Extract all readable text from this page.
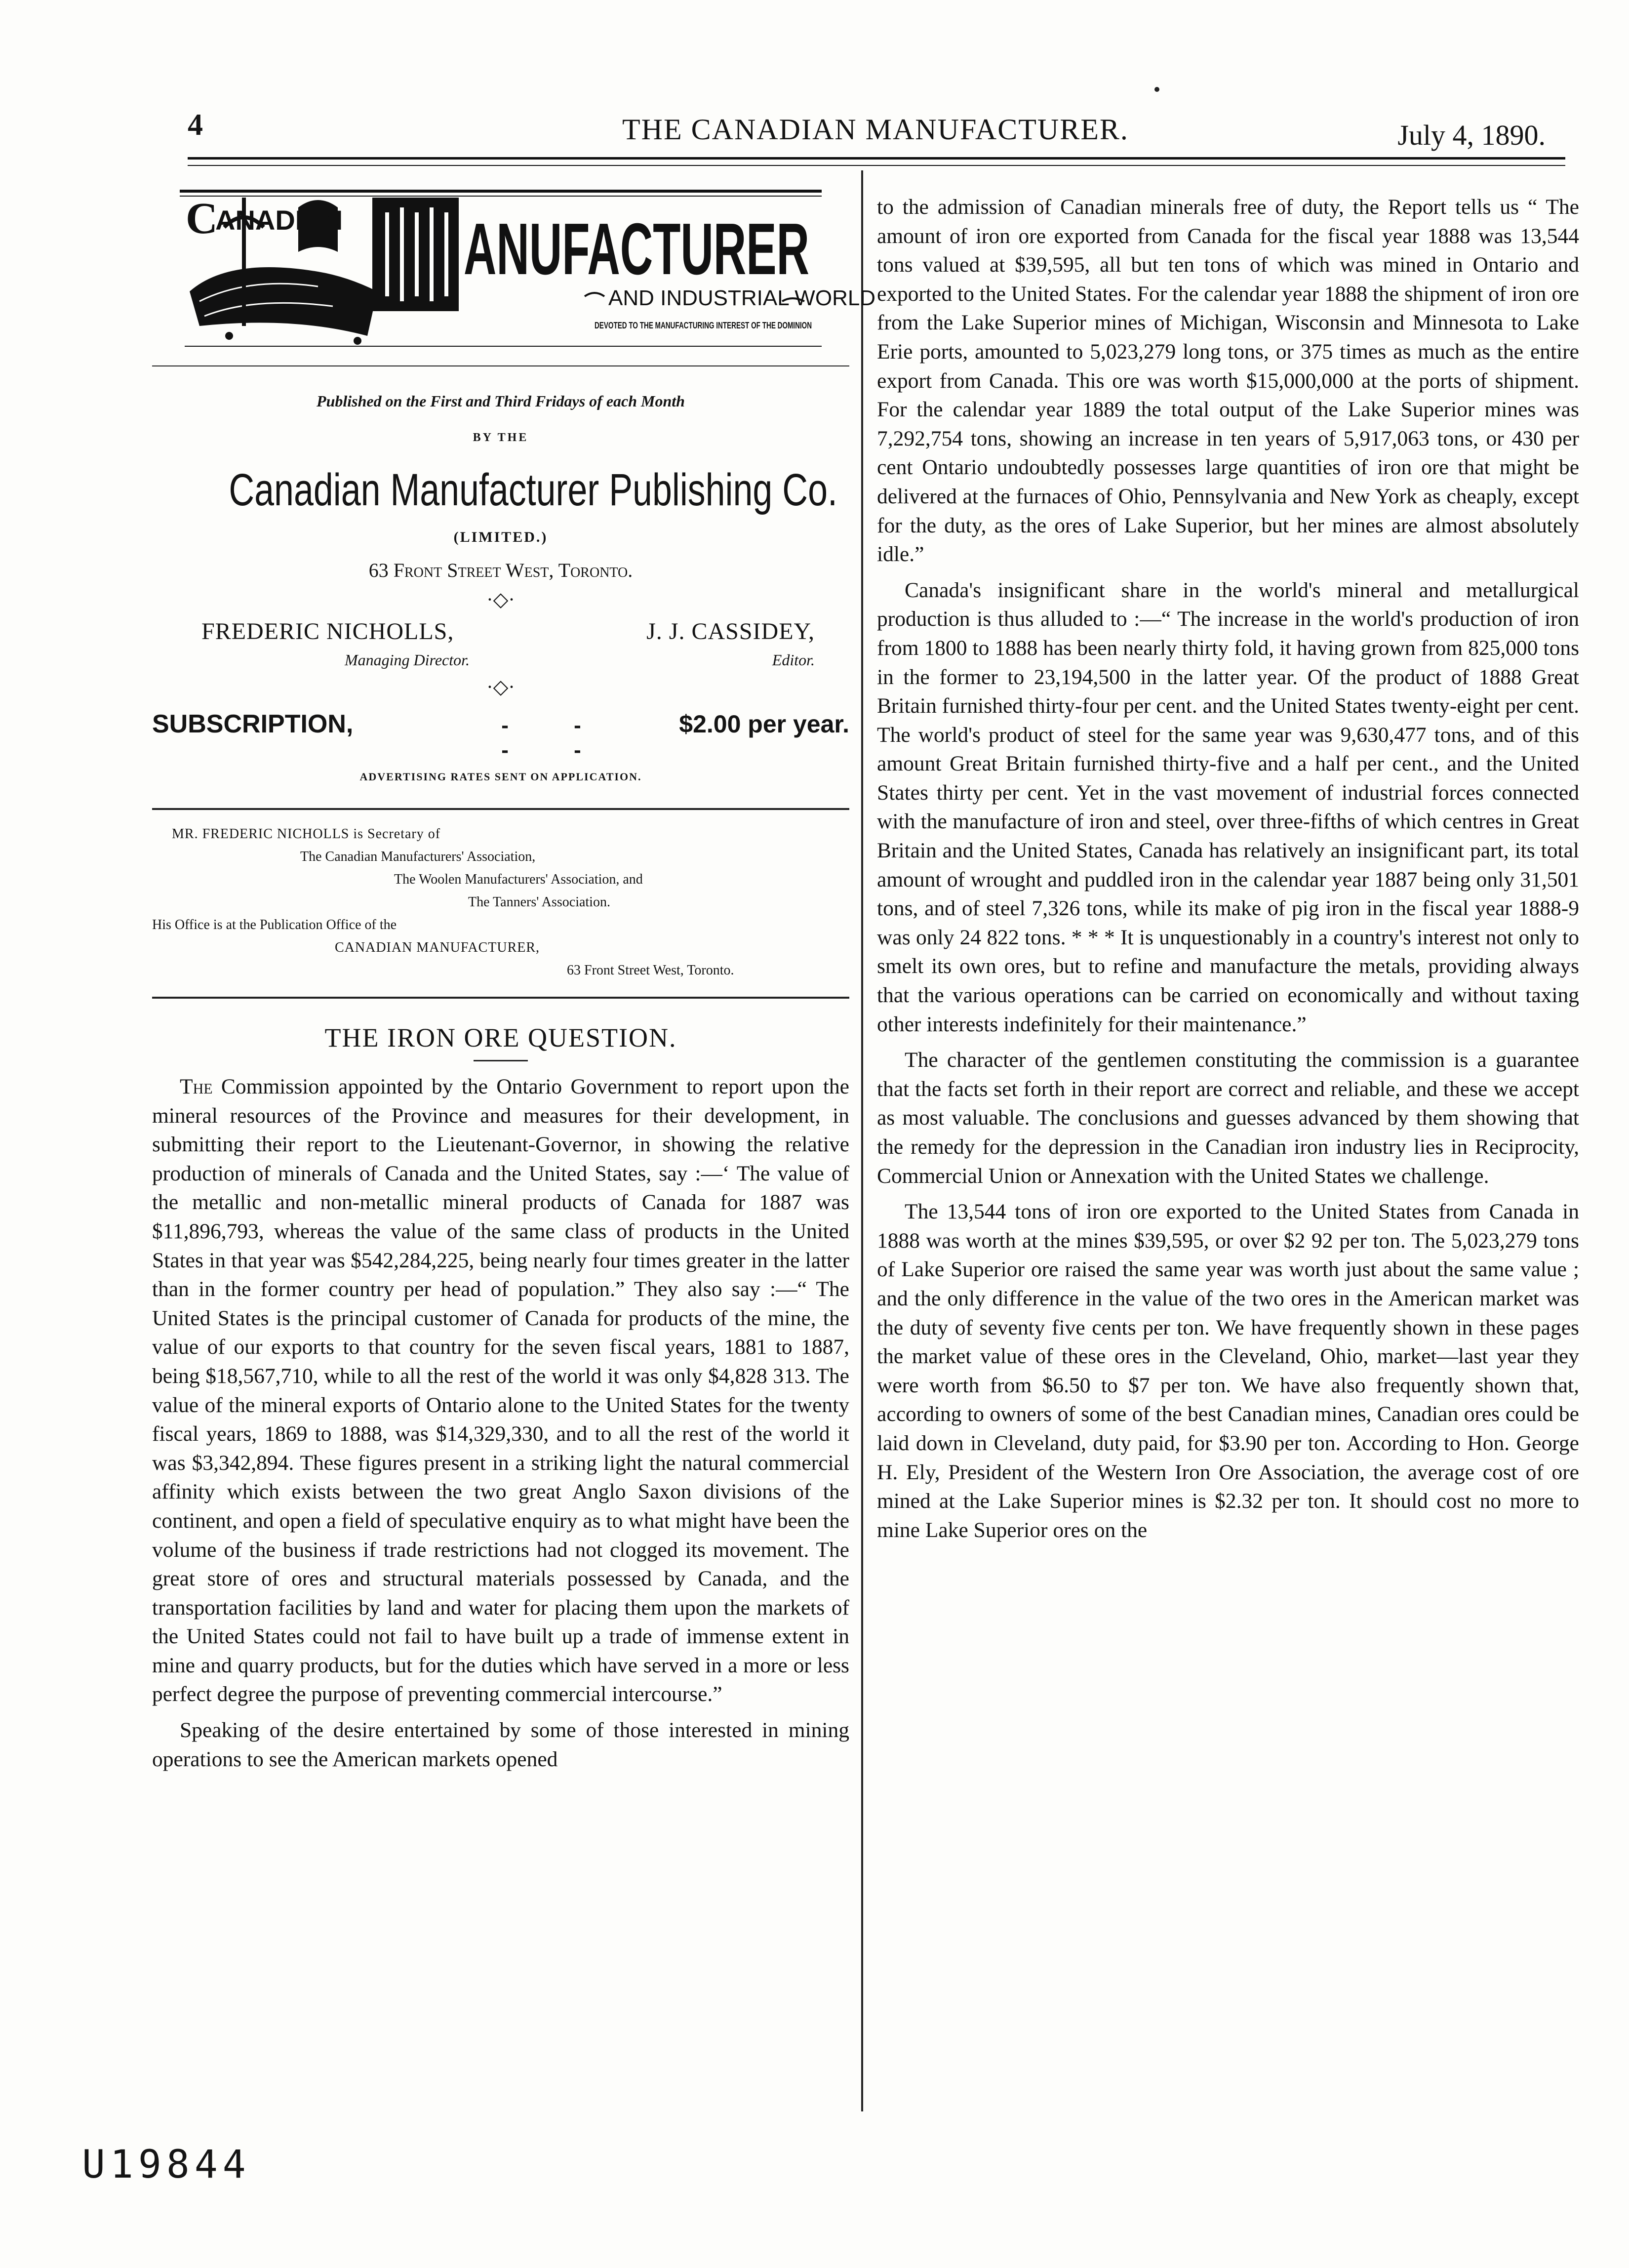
4	THE CANADIAN MANUFACTURER.	July 4, 1890.
C
ANADIAN ANUFACTURER
AND INDUSTRIAL WORLD
DEVOTED TO THE MANUFACTURING INTEREST OF THE DOMINION
Published on the First and Third Fridays of each Month
BY THE
Canadian Manufacturer Publishing Co.
(LIMITED.)
63 Front Street West, Toronto.
·◇·
FREDERIC NICHOLLS,
Managing Director.
J. J. CASSIDEY,
Editor.
·◇·
SUBSCRIPTION,	- - - -
$2.00 per year.
ADVERTISING RATES SENT ON APPLICATION.
MR. FREDERIC NICHOLLS is Secretary of
The Canadian Manufacturers' Association,
The Woolen Manufacturers' Association, and
The Tanners' Association.
His Office is at the Publication Office of the
CANADIAN MANUFACTURER,
63 Front Street West, Toronto.
THE IRON ORE QUESTION.

The Commission appointed by the Ontario Government to report upon the mineral resources of the Province and measures for their development, in submitting their report to the Lieutenant-Governor, in showing the relative production of minerals of Canada and the United States, say :—‘ The value of the metallic and non-metallic mineral products of Canada for 1887 was $11,896,793, whereas the value of the same class of products in the United States in that year was $542,284,225, being nearly four times greater in the latter than in the former country per head of population.” They also say :—“ The United States is the principal customer of Canada for products of the mine, the value of our exports to that country for the seven fiscal years, 1881 to 1887, being $18,567,710, while to all the rest of the world it was only $4,828 313. The value of the mineral exports of Ontario alone to the United States for the twenty fiscal years, 1869 to 1888, was $14,329,330, and to all the rest of the world it was $3,342,894. These figures present in a striking light the natural commercial affinity which exists between the two great Anglo Saxon divisions of the continent, and open a field of speculative enquiry as to what might have been the volume of the business if trade restrictions had not clogged its movement. The great store of ores and structural materials possessed by Canada, and the transportation facilities by land and water for placing them upon the markets of the United States could not fail to have built up a trade of immense extent in mine and quarry products, but for the duties which have served in a more or less perfect degree the purpose of preventing commercial intercourse.”

Speaking of the desire entertained by some of those interested in mining operations to see the American markets opened

to the admission of Canadian minerals free of duty, the Report tells us “ The amount of iron ore exported from Canada for the fiscal year 1888 was 13,544 tons valued at $39,595, all but ten tons of which was mined in Ontario and exported to the United States. For the calendar year 1888 the shipment of iron ore from the Lake Superior mines of Michigan, Wisconsin and Minnesota to Lake Erie ports, amounted to 5,023,279 long tons, or 375 times as much as the entire export from Canada. This ore was worth $15,000,000 at the ports of shipment. For the calendar year 1889 the total output of the Lake Superior mines was 7,292,754 tons, showing an increase in ten years of 5,917,063 tons, or 430 per cent Ontario undoubtedly possesses large quantities of iron ore that might be delivered at the furnaces of Ohio, Pennsylvania and New York as cheaply, except for the duty, as the ores of Lake Superior, but her mines are almost absolutely idle.”

Canada's insignificant share in the world's mineral and metallurgical production is thus alluded to :—“ The increase in the world's production of iron from 1800 to 1888 has been nearly thirty fold, it having grown from 825,000 tons in the former to 23,194,500 in the latter year. Of the product of 1888 Great Britain furnished thirty-four per cent. and the United States twenty-eight per cent. The world's product of steel for the same year was 9,630,477 tons, and of this amount Great Britain furnished thirty-five and a half per cent., and the United States thirty per cent. Yet in the vast movement of industrial forces connected with the manufacture of iron and steel, over three-fifths of which centres in Great Britain and the United States, Canada has relatively an insignificant part, its total amount of wrought and puddled iron in the calendar year 1887 being only 31,501 tons, and of steel 7,326 tons, while its make of pig iron in the fiscal year 1888-9 was only 24 822 tons. * * * It is unquestionably in a country's interest not only to smelt its own ores, but to refine and manufacture the metals, providing always that the various operations can be carried on economically and without taxing other interests indefinitely for their maintenance.”

The character of the gentlemen constituting the commission is a guarantee that the facts set forth in their report are correct and reliable, and these we accept as most valuable. The conclusions and guesses advanced by them showing that the remedy for the depression in the Canadian iron industry lies in Reciprocity, Commercial Union or Annexation with the United States we challenge.

The 13,544 tons of iron ore exported to the United States from Canada in 1888 was worth at the mines $39,595, or over $2 92 per ton. The 5,023,279 tons of Lake Superior ore raised the same year was worth just about the same value ; and the only difference in the value of the two ores in the American market was the duty of seventy five cents per ton. We have frequently shown in these pages the market value of these ores in the Cleveland, Ohio, market—last year they were worth from $6.50 to $7 per ton. We have also frequently shown that, according to owners of some of the best Canadian mines, Canadian ores could be laid down in Cleveland, duty paid, for $3.90 per ton. According to Hon. George H. Ely, President of the Western Iron Ore Association, the average cost of ore mined at the Lake Superior mines is $2.32 per ton. It should cost no more to mine Lake Superior ores on the

U19844
